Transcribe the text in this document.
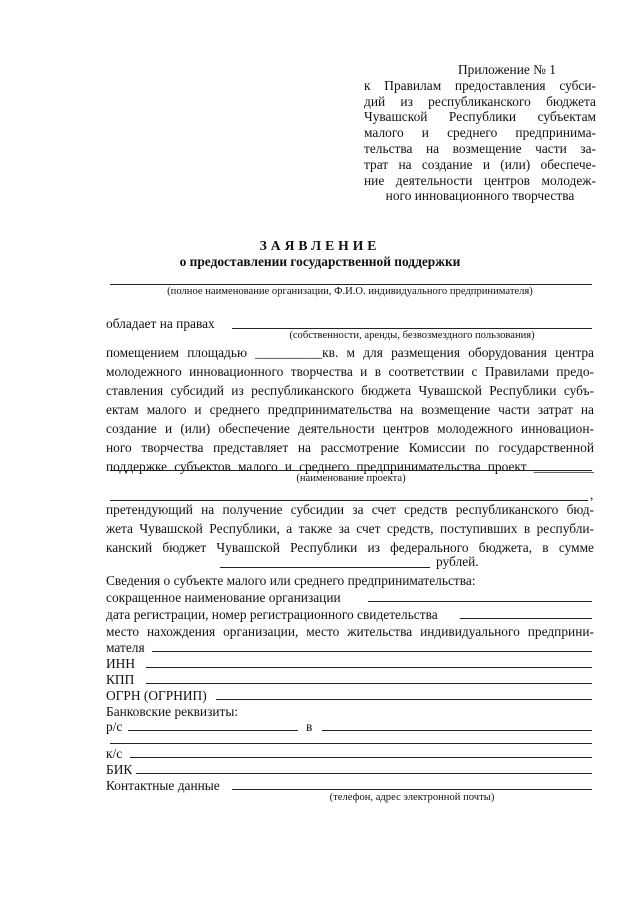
Приложение № 1
к Правилам предоставления субси-
дий из республиканского бюджета
Чувашской Республики субъектам
малого и среднего предпринима-
тельства на возмещение части за-
трат на создание и (или) обеспече-
ние деятельности центров молодеж-
ного инновационного творчества
ЗАЯВЛЕНИЕ
о предоставлении государственной поддержки
(полное наименование организации, Ф.И.О. индивидуального предпринимателя)
обладает на правах
(собственности, аренды, безвозмездного пользования)
помещением площадью __________кв. м для размещения оборудования центра
молодежного инновационного творчества и в соответствии с Правилами предо-
ставления субсидий из республиканского бюджета Чувашской Республики субъ-
ектам малого и среднего предпринимательства на возмещение части затрат на
создание и (или) обеспечение деятельности центров молодежного инновацион-
ного творчества представляет на рассмотрение Комиссии по государственной
поддержке субъектов малого и среднего предпринимательства проект _________
(наименование проекта)
,
претендующий на получение субсидии за счет средств республиканского бюд-
жета Чувашской Республики, а также за счет средств, поступивших в республи-
канский бюджет Чувашской Республики из федерального бюджета, в сумме
рублей.
Сведения о субъекте малого или среднего предпринимательства:
сокращенное наименование организации
дата регистрации, номер регистрационного свидетельства
место нахождения организации, место жительства индивидуального предприни-
мателя
ИНН
КПП
ОГРН (ОГРНИП)
Банковские реквизиты:
р/с	в
к/с
БИК
Контактные данные
(телефон, адрес электронной почты)
